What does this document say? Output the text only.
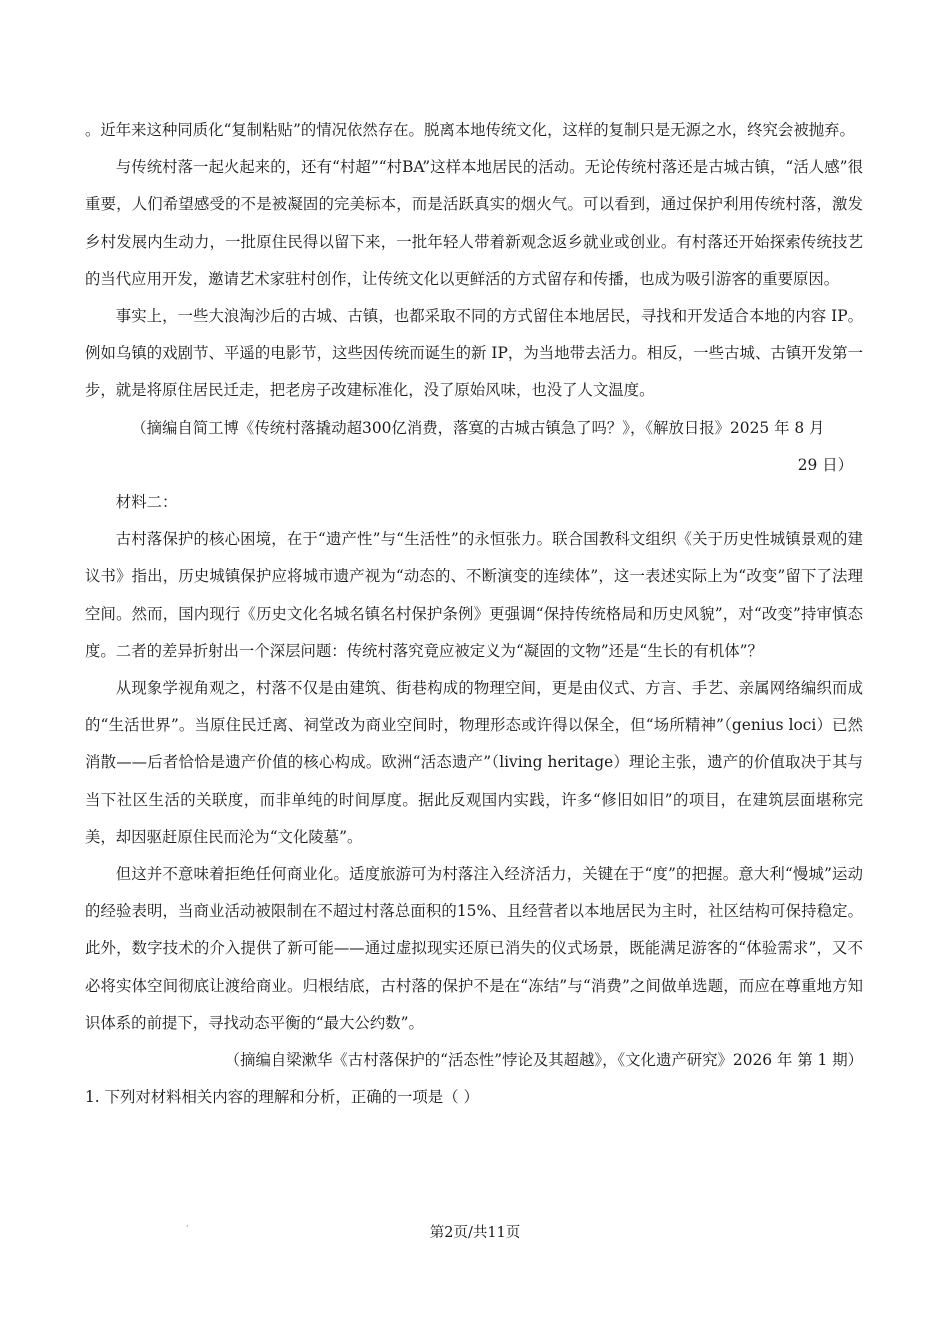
。近年来这种同质化“复制粘贴”的情况依然存在。脱离本地传统文化，这样的复制只是无源之水，终究会被抛弃。

与传统村落一起火起来的，还有“村超”“村BA”这样本地居民的活动。无论传统村落还是古城古镇，“活人感”很重要，人们希望感受的不是被凝固的完美标本，而是活跃真实的烟火气。可以看到，通过保护利用传统村落，激发乡村发展内生动力，一批原住民得以留下来，一批年轻人带着新观念返乡就业或创业。有村落还开始探索传统技艺的当代应用开发，邀请艺术家驻村创作，让传统文化以更鲜活的方式留存和传播，也成为吸引游客的重要原因。

事实上，一些大浪淘沙后的古城、古镇，也都采取不同的方式留住本地居民，寻找和开发适合本地的内容 IP。例如乌镇的戏剧节、平遥的电影节，这些因传统而诞生的新 IP，为当地带去活力。相反，一些古城、古镇开发第一步，就是将原住居民迁走，把老房子改建标准化，没了原始风味，也没了人文温度。

（摘编自简工博《传统村落撬动超300亿消费，落寞的古城古镇急了吗？》，《解放日报》2025 年 8 月

29 日）

材料二：

古村落保护的核心困境，在于“遗产性”与“生活性”的永恒张力。联合国教科文组织《关于历史性城镇景观的建议书》指出，历史城镇保护应将城市遗产视为“动态的、不断演变的连续体”，这一表述实际上为“改变”留下了法理空间。然而，国内现行《历史文化名城名镇名村保护条例》更强调“保持传统格局和历史风貌”，对“改变”持审慎态度。二者的差异折射出一个深层问题：传统村落究竟应被定义为“凝固的文物”还是“生长的有机体”？

从现象学视角观之，村落不仅是由建筑、街巷构成的物理空间，更是由仪式、方言、手艺、亲属网络编织而成的“生活世界”。当原住民迁离、祠堂改为商业空间时，物理形态或许得以保全，但“场所精神”（genius loci）已然消散——后者恰恰是遗产价值的核心构成。欧洲“活态遗产”（living heritage）理论主张，遗产的价值取决于其与当下社区生活的关联度，而非单纯的时间厚度。据此反观国内实践，许多“修旧如旧”的项目，在建筑层面堪称完美，却因驱赶原住民而沦为“文化陵墓”。

但这并不意味着拒绝任何商业化。适度旅游可为村落注入经济活力，关键在于“度”的把握。意大利“慢城”运动的经验表明，当商业活动被限制在不超过村落总面积的15%、且经营者以本地居民为主时，社区结构可保持稳定。此外，数字技术的介入提供了新可能——通过虚拟现实还原已消失的仪式场景，既能满足游客的“体验需求”，又不必将实体空间彻底让渡给商业。归根结底，古村落的保护不是在“冻结”与“消费”之间做单选题，而应在尊重地方知识体系的前提下，寻找动态平衡的“最大公约数”。

（摘编自梁漱华《古村落保护的“活态性”悖论及其超越》，《文化遗产研究》2026 年 第 1 期）

1. 下列对材料相关内容的理解和分析，正确的一项是（ ）

·	第2页/共11页
